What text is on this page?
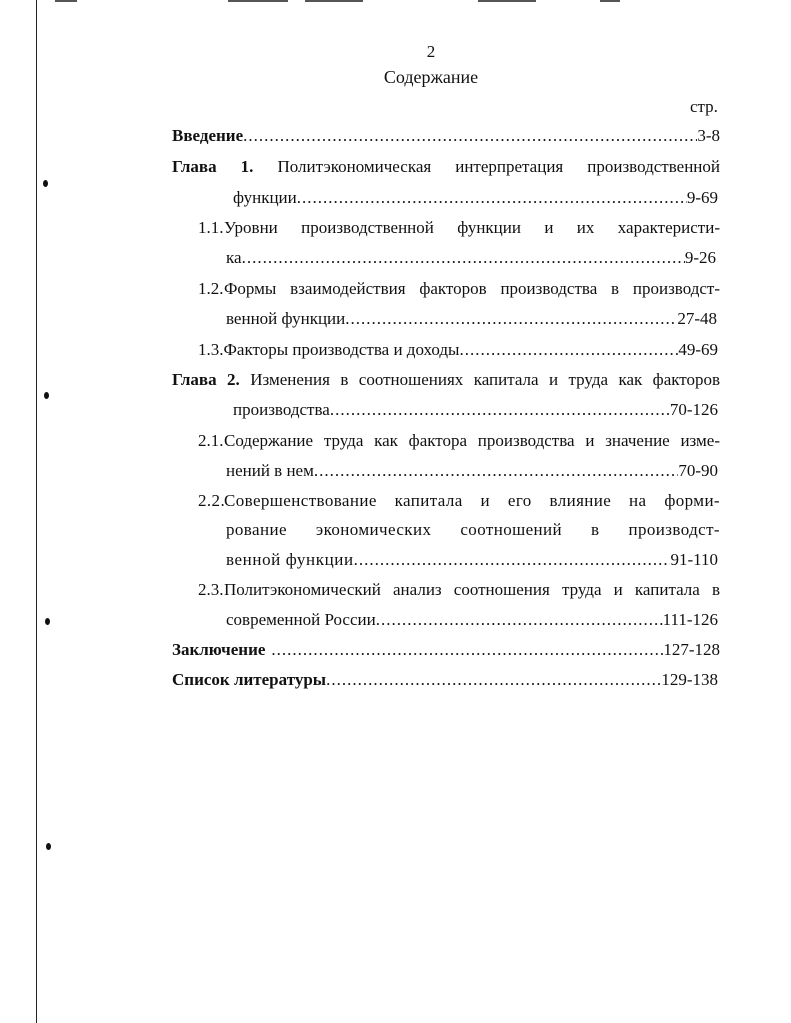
2
Содержание
стр.
Введение .....	3-8
Глава 1. Политэкономическая интерпретация производственной
функции .....	9-69
1.1.Уровни производственной функции и их характеристи-
ка .....	9-26
1.2.Формы взаимодействия факторов производства в производст-
венной функции .....	27-48
1.3. Факторы производства и доходы .....	49-69
Глава 2. Изменения в соотношениях капитала и труда как факторов
производства .....	70-126
2.1.Содержание труда как фактора производства и значение изме-
нений в нем .....	70-90
2.2.Совершенствование капитала и его влияние на форми-
рование экономических соотношений в производст-
венной функции .....	91-110
2.3.Политэкономический анализ соотношения труда и капитала в
современной России .....	111-126
Заключение .....	127-128
Список литературы .....	129-138
